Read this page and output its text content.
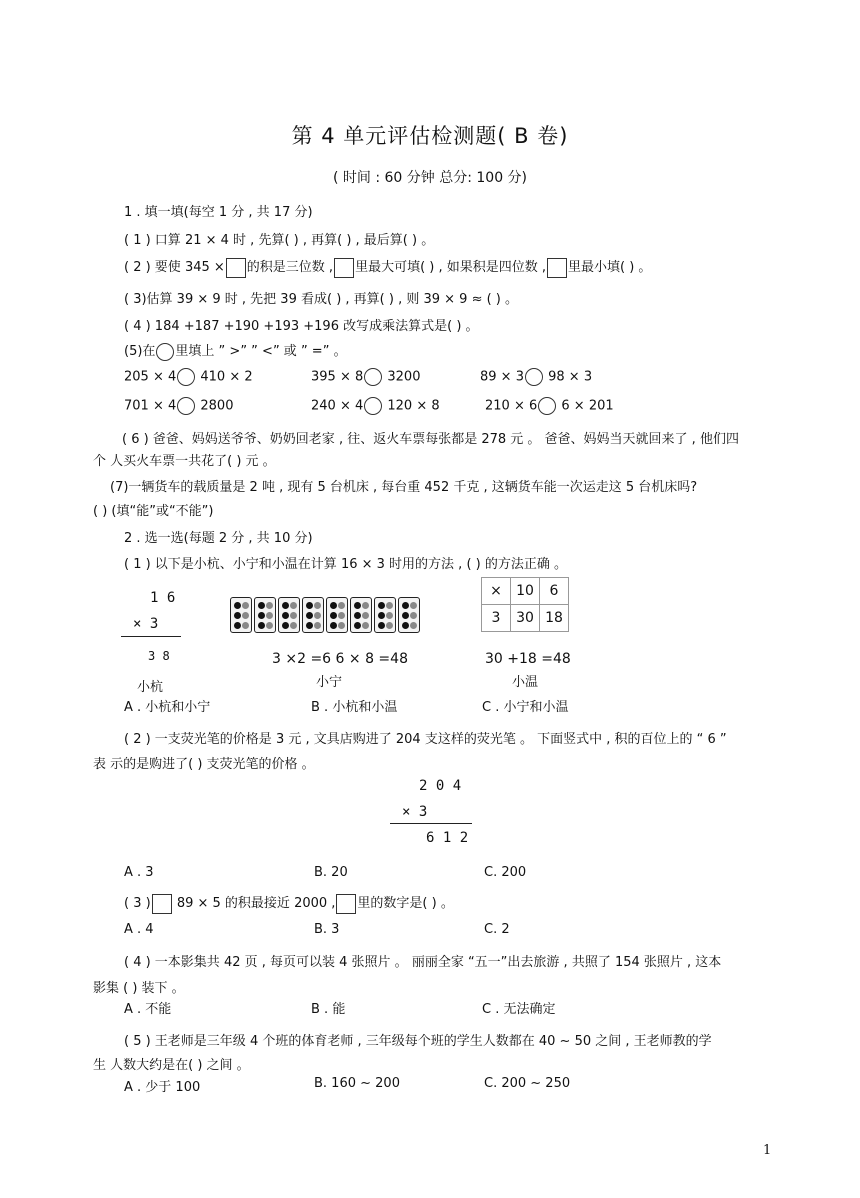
第 4 单元评估检测题( B 卷)
( 时间 : 60 分钟 总分: 100 分)
1 . 填一填(每空 1 分 , 共 17 分)
( 1 ) 口算 21 × 4 时 , 先算( ) , 再算( ) , 最后算( ) 。
( 2 ) 要使 345 × 的积是三位数 , 里最大可填( ) , 如果积是四位数 , 里最小填( ) 。
( 3)估算 39 × 9 时 , 先把 39 看成( ) , 再算( ) , 则 39 × 9 ≈ ( ) 。
( 4 ) 184 +187 +190 +193 +196 改写成乘法算式是( ) 。
(5)在 里填上 ” >” ” <” 或 ” =” 。
205 × 4 410 × 2	395 × 8 3200	89 × 3 98 × 3
701 × 4 2800	240 × 4 120 × 8	210 × 6 6 × 201
( 6 ) 爸爸、妈妈送爷爷、奶奶回老家 , 往、返火车票每张都是 278 元 。 爸爸、妈妈当天就回来了 , 他们四
个 人买火车票一共花了( ) 元 。
(7)一辆货车的载质量是 2 吨 , 现有 5 台机床 , 每台重 452 千克 , 这辆货车能一次运走这 5 台机床吗?
( ) (填“能”或“不能”)
2 . 选一选(每题 2 分 , 共 10 分)
( 1 ) 以下是小杭、小宁和小温在计算 16 × 3 时用的方法 , ( ) 的方法正确 。
1 6
× 3
3 8
小杭
3 ×2 =6 6 × 8 =48
小宁
×	10	6
3	30	18
30 +18 =48
小温
A . 小杭和小宁	B . 小杭和小温	C . 小宁和小温
( 2 ) 一支荧光笔的价格是 3 元 , 文具店购进了 204 支这样的荧光笔 。 下面竖式中 , 积的百位上的 “ 6 ”
表 示的是购进了( ) 支荧光笔的价格 。
2 0 4
× 3
6 1 2
A . 3	B. 20	C. 200
( 3 ) 89 × 5 的积最接近 2000 , 里的数字是( ) 。
A . 4	B. 3	C. 2
( 4 ) 一本影集共 42 页 , 每页可以装 4 张照片 。 丽丽全家 “五一”出去旅游 , 共照了 154 张照片 , 这本
影集 ( ) 装下 。
A . 不能	B . 能	C . 无法确定
( 5 ) 王老师是三年级 4 个班的体育老师 , 三年级每个班的学生人数都在 40 ~ 50 之间 , 王老师教的学
生 人数大约是在( ) 之间 。
A . 少于 100	B. 160 ~ 200	C. 200 ~ 250
1
